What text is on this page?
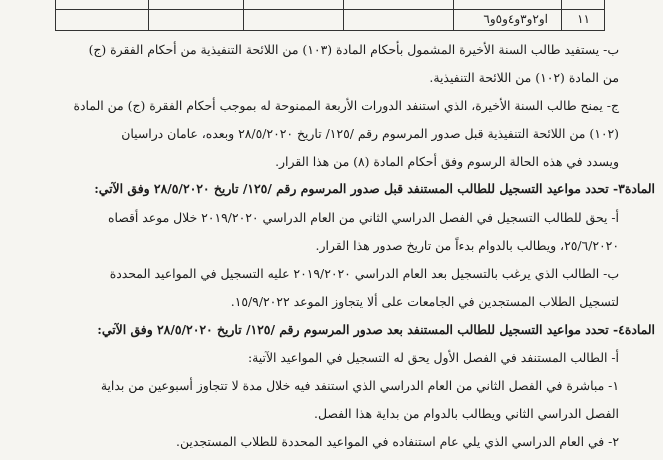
او٢و٣و٤و٥و٦ ١١
ب- يستفيد طالب السنة الأخيرة المشمول بأحكام المادة (١٠٣) من اللائحة التنفيذية من أحكام الفقرة (ج)
من المادة (١٠٢) من اللائحة التنفيذية.
ج- يمنح طالب السنة الأخيرة، الذي استنفد الدورات الأربعة الممنوحة له بموجب أحكام الفقرة (ج) من المادة
(١٠٢) من اللائحة التنفيذية قبل صدور المرسوم رقم /١٢٥/ تاريخ ٢٨/٥/٢٠٢٠ وبعده، عامان دراسيان
ويسدد في هذه الحالة الرسوم وفق أحكام المادة (٨) من هذا القرار.
المادة٣- تحدد مواعيد التسجيل للطالب المستنفد قبل صدور المرسوم رقم /١٢٥/ تاريخ ٢٨/٥/٢٠٢٠ وفق الآتي:
أ- يحق للطالب التسجيل في الفصل الدراسي الثاني من العام الدراسي ٢٠١٩/٢٠٢٠ خلال موعد أقصاه
٢٥/٦/٢٠٢٠، ويطالب بالدوام بدءاً من تاريخ صدور هذا القرار.
ب- الطالب الذي يرغب بالتسجيل بعد العام الدراسي ٢٠١٩/٢٠٢٠ عليه التسجيل في المواعيد المحددة
لتسجيل الطلاب المستجدين في الجامعات على ألا يتجاوز الموعد ١٥/٩/٢٠٢٢.
المادة٤- تحدد مواعيد التسجيل للطالب المستنفد بعد صدور المرسوم رقم /١٢٥/ تاريخ ٢٨/٥/٢٠٢٠ وفق الآتي:
أ- الطالب المستنفد في الفصل الأول يحق له التسجيل في المواعيد الآتية:
١- مباشرة في الفصل الثاني من العام الدراسي الذي استنفد فيه خلال مدة لا تتجاوز أسبوعين من بداية
الفصل الدراسي الثاني ويطالب بالدوام من بداية هذا الفصل.
٢- في العام الدراسي الذي يلي عام استنفاده في المواعيد المحددة للطلاب المستجدين.
